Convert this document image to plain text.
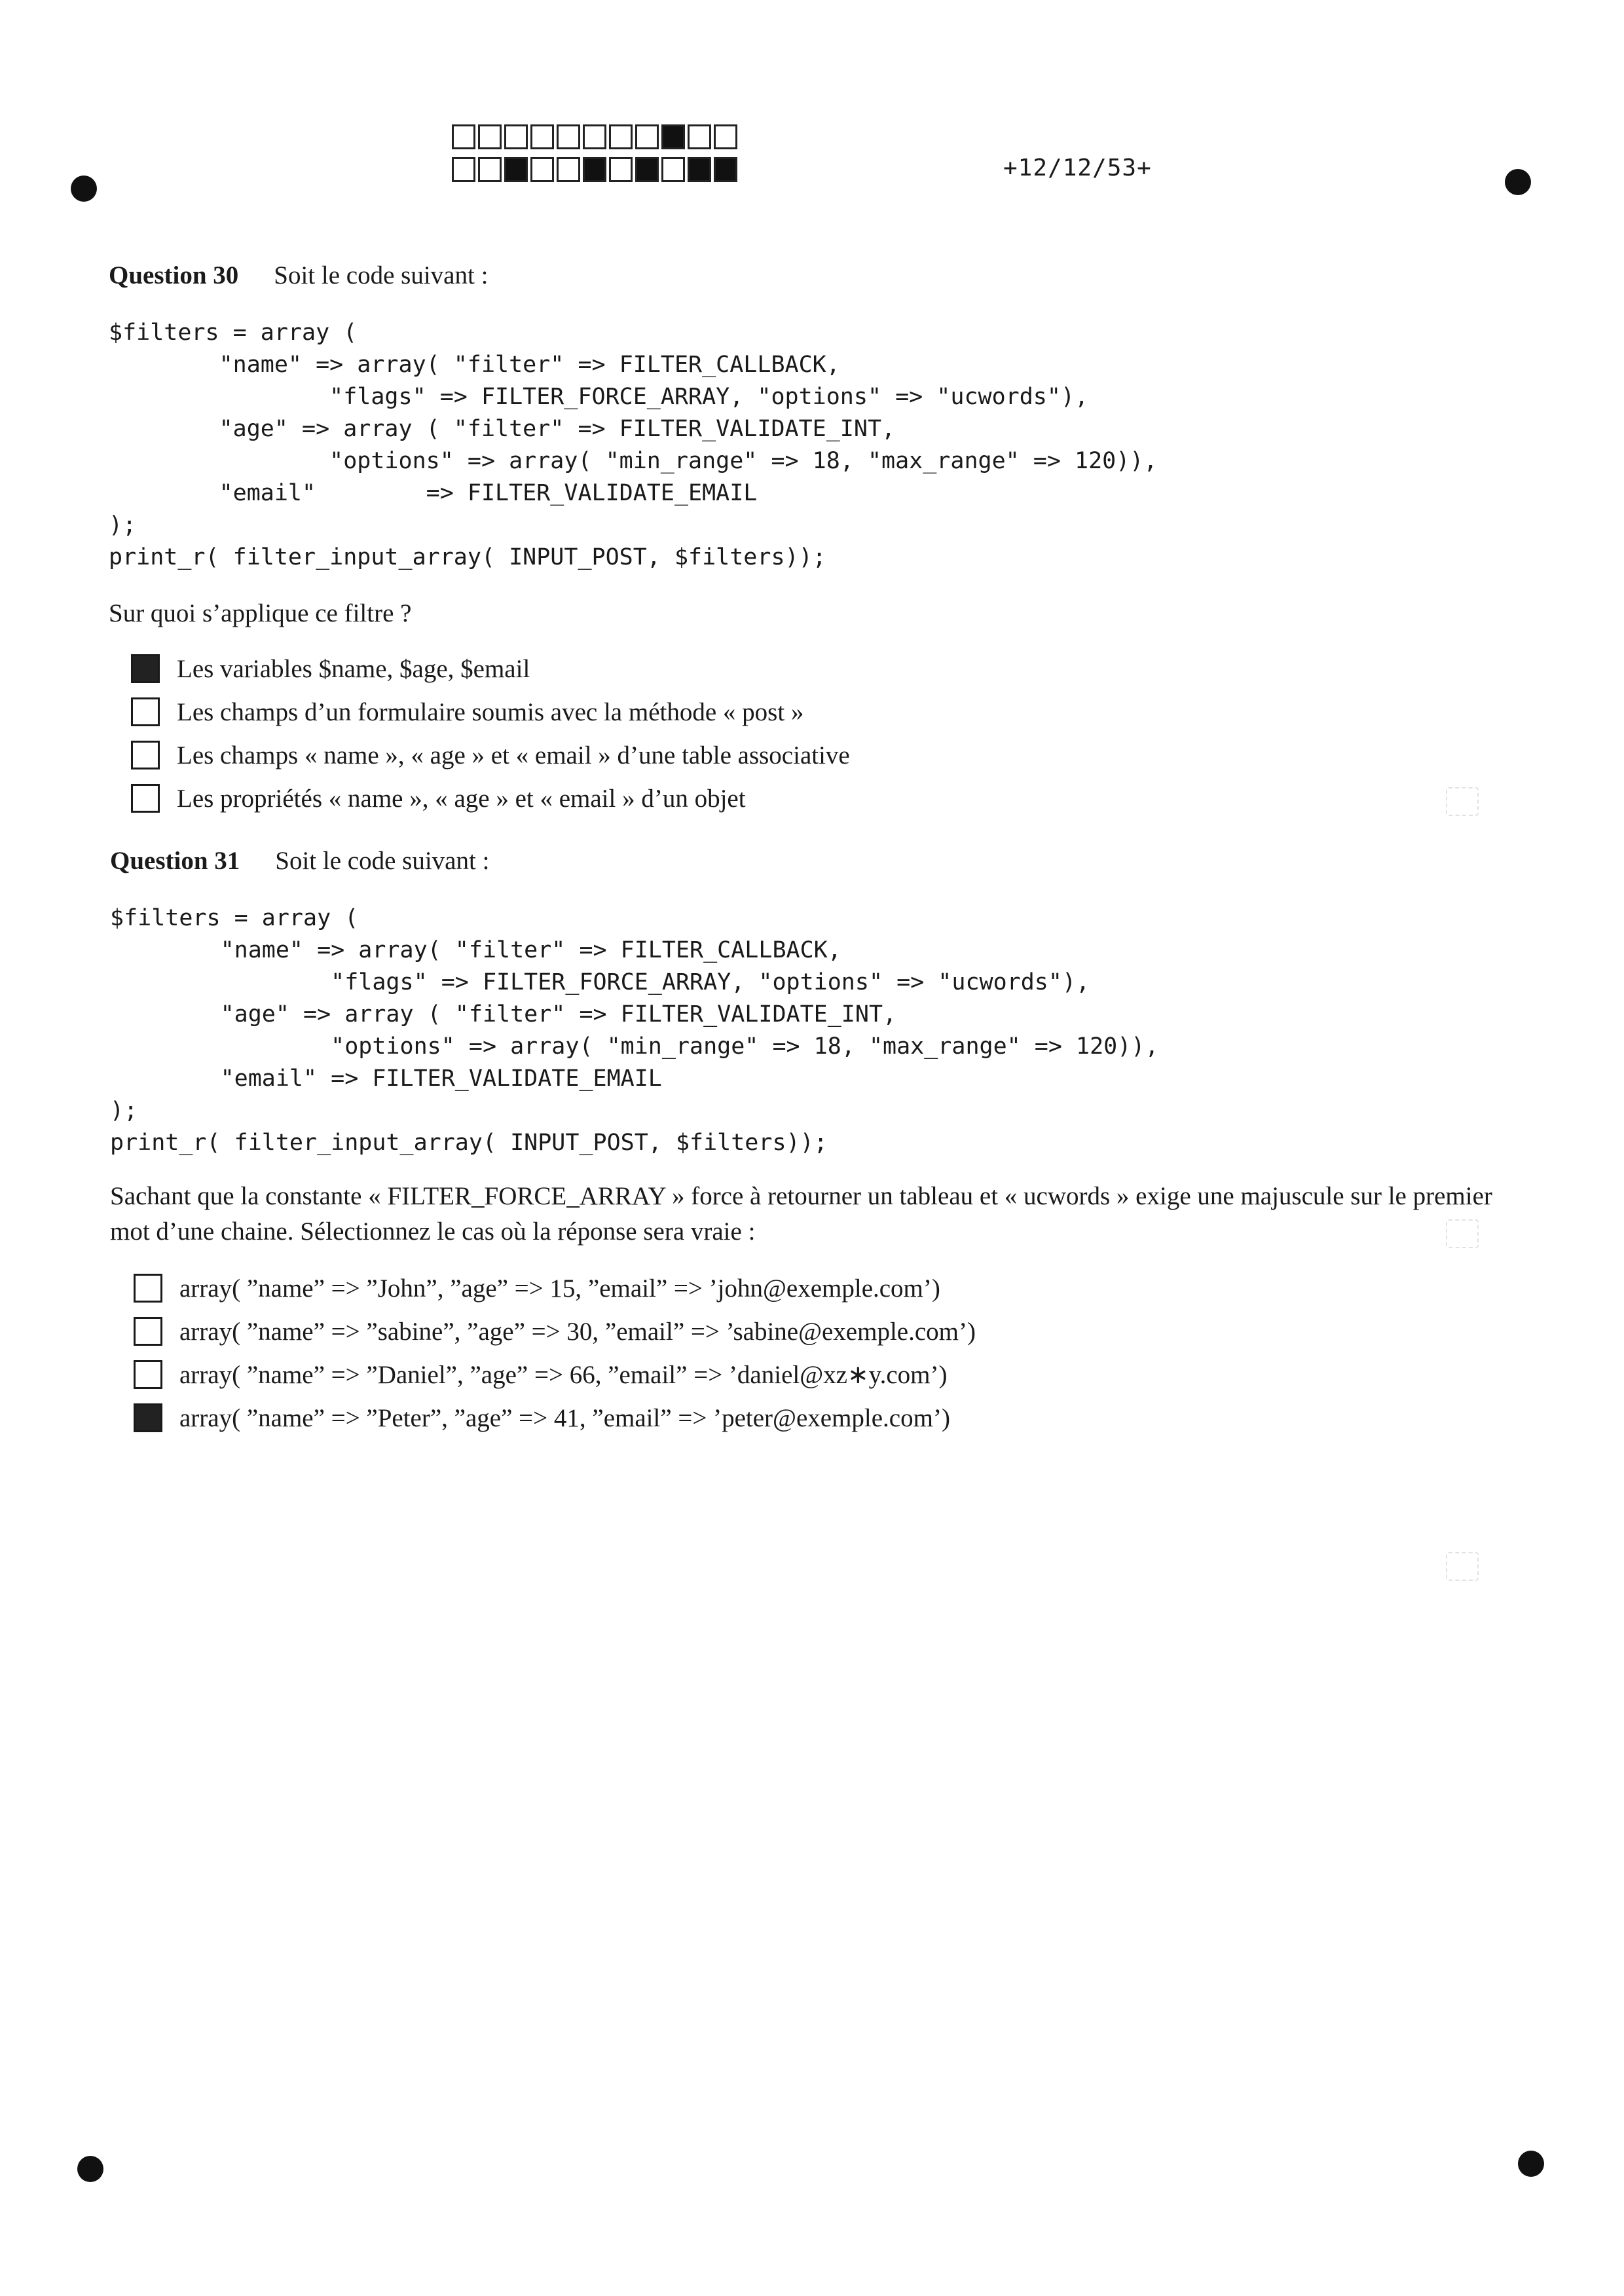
+12/12/53+
Question 30 Soit le code suivant :
$filters = array (
"name" => array( "filter" => FILTER_CALLBACK,
"flags" => FILTER_FORCE_ARRAY, "options" => "ucwords"),
"age" => array ( "filter" => FILTER_VALIDATE_INT,
"options" => array( "min_range" => 18, "max_range" => 120)),
"email"        => FILTER_VALIDATE_EMAIL
);
print_r( filter_input_array( INPUT_POST, $filters));
Sur quoi s’applique ce filtre ?
Les variables $name, $age, $email
Les champs d’un formulaire soumis avec la méthode « post »
Les champs « name », « age » et « email » d’une table associative
Les propriétés « name », « age » et « email » d’un objet
Question 31 Soit le code suivant :
$filters = array (
"name" => array( "filter" => FILTER_CALLBACK,
"flags" => FILTER_FORCE_ARRAY, "options" => "ucwords"),
"age" => array ( "filter" => FILTER_VALIDATE_INT,
"options" => array( "min_range" => 18, "max_range" => 120)),
"email" => FILTER_VALIDATE_EMAIL
);
print_r( filter_input_array( INPUT_POST, $filters));
Sachant que la constante « FILTER_FORCE_ARRAY » force à retourner un tableau et « ucwords » exige une majuscule sur le premier mot d’une chaine. Sélectionnez le cas où la réponse sera vraie :
array( ”name” => ”John”, ”age” => 15, ”email” => ’john@exemple.com’)
array( ”name” => ”sabine”, ”age” => 30, ”email” => ’sabine@exemple.com’)
array( ”name” => ”Daniel”, ”age” => 66, ”email” => ’daniel@xz∗y.com’)
array( ”name” => ”Peter”, ”age” => 41, ”email” => ’peter@exemple.com’)
